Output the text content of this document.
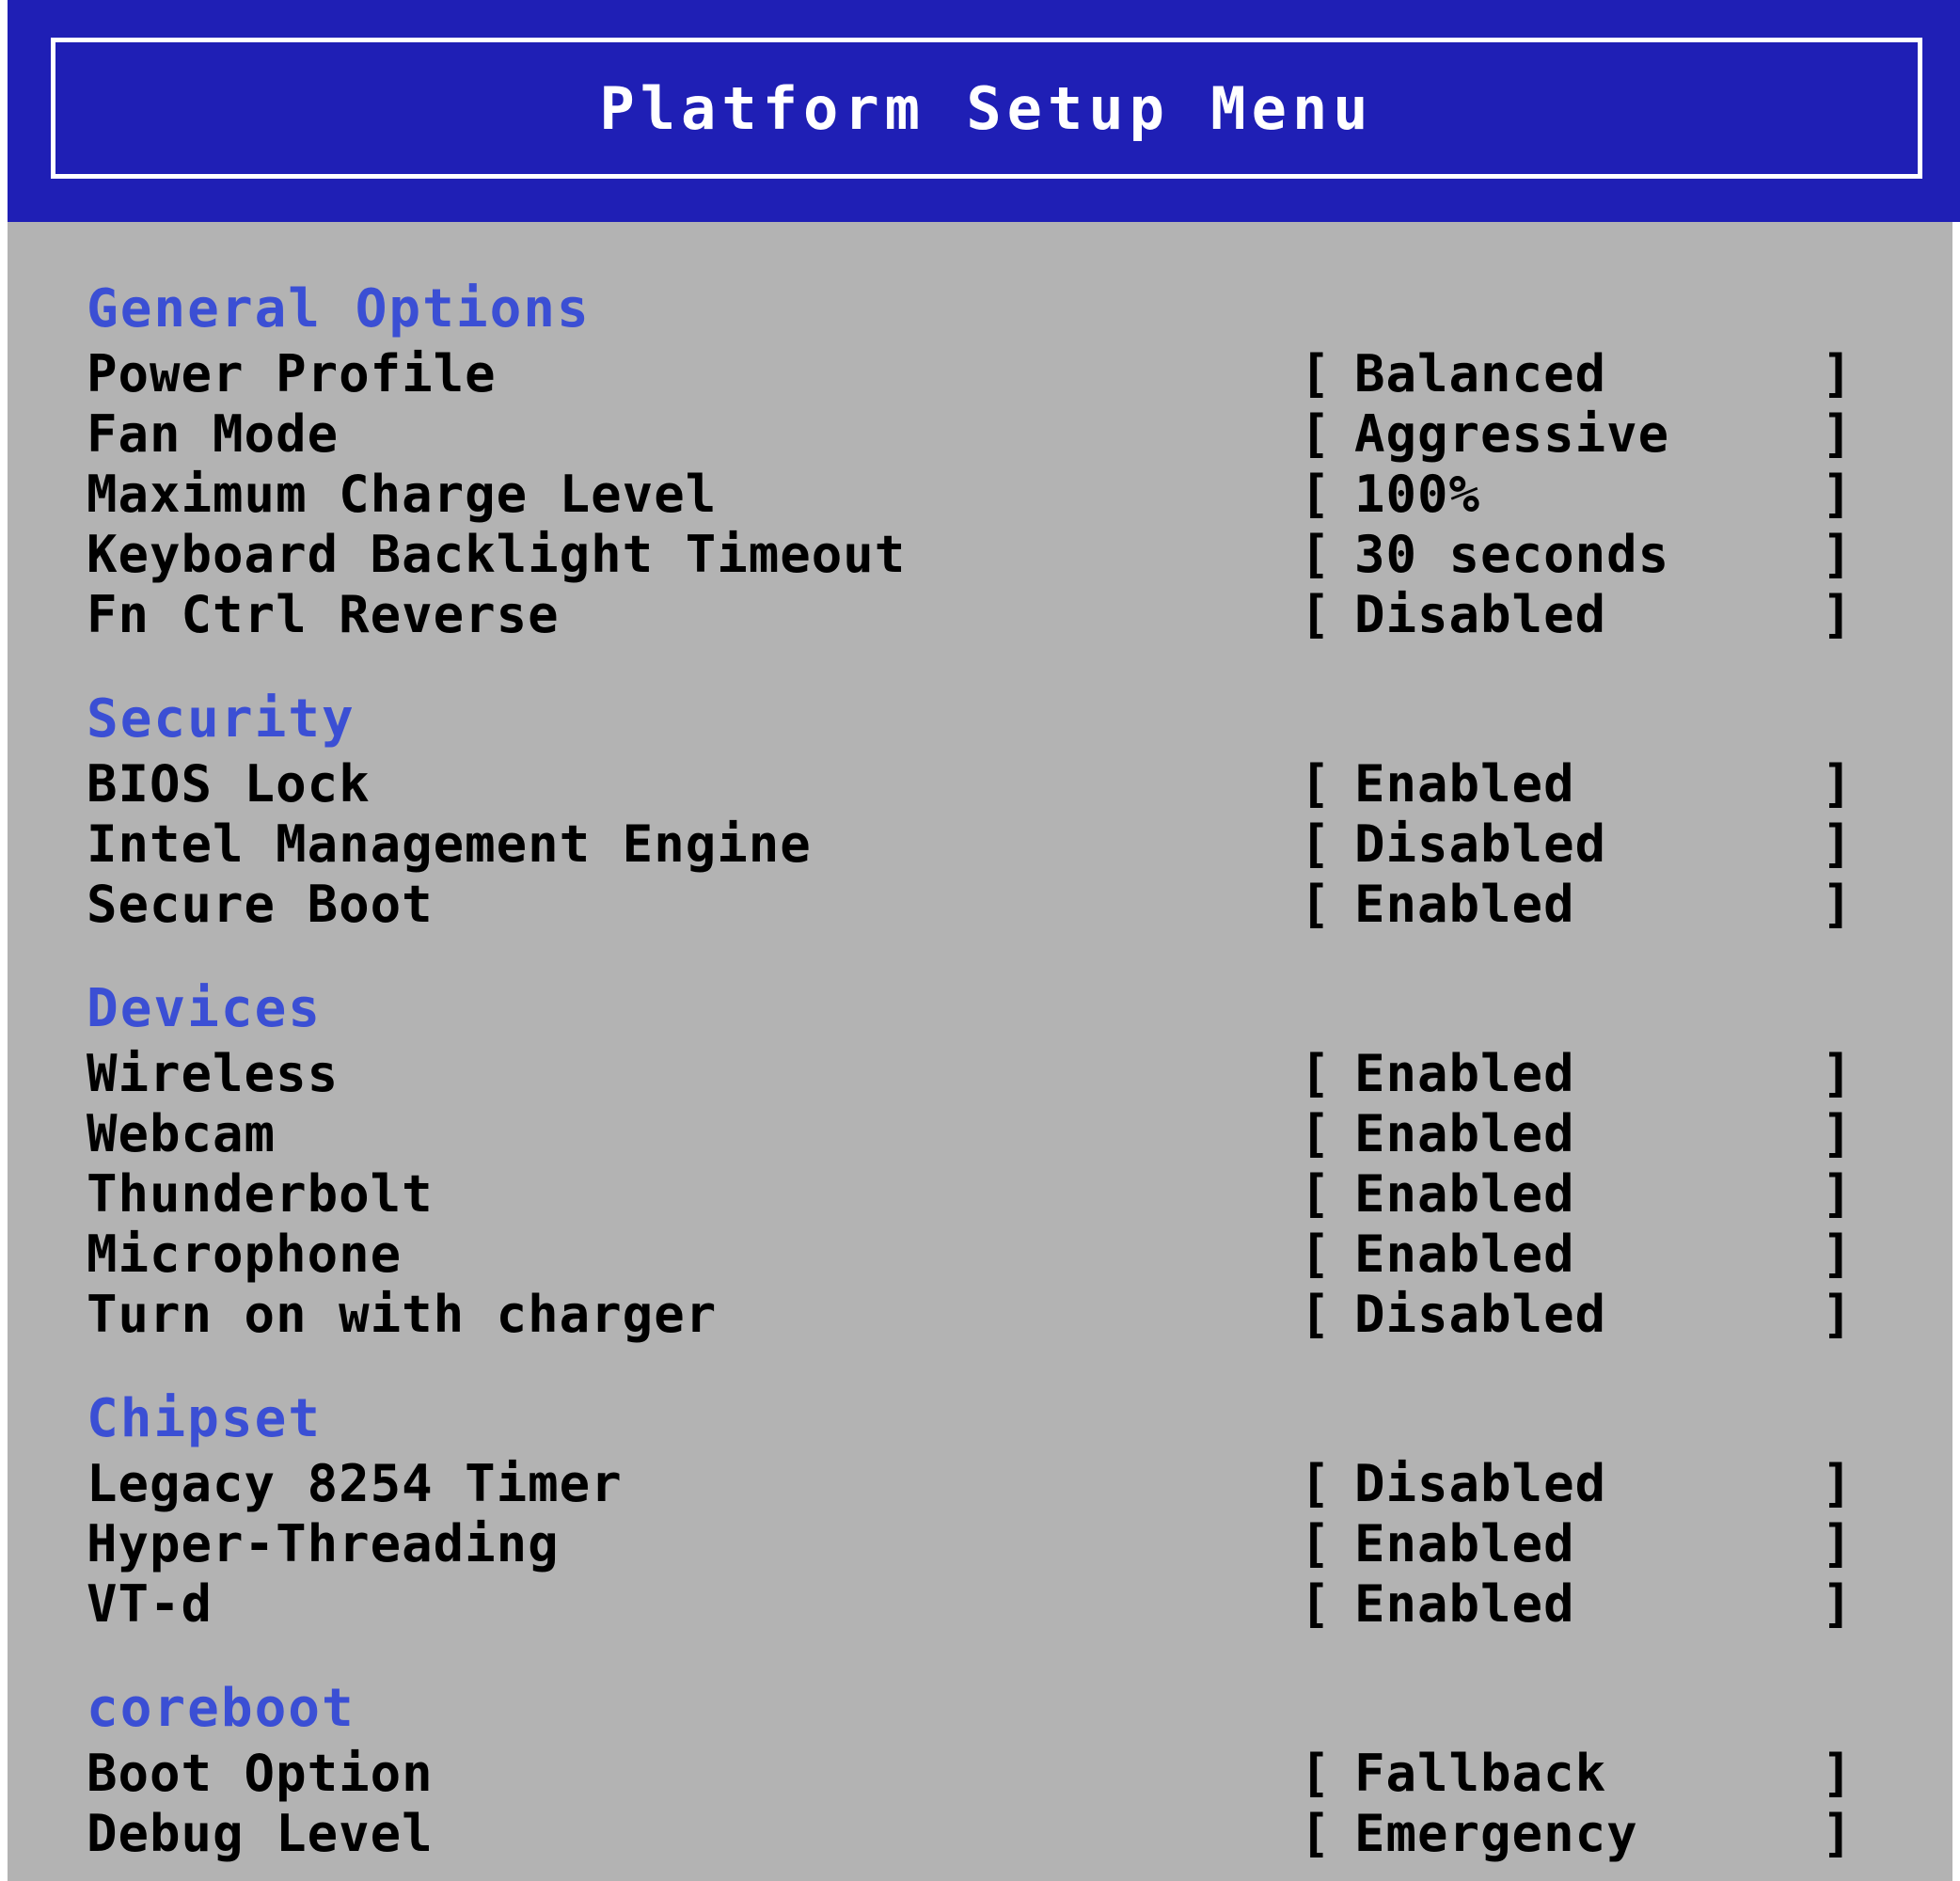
Platform Setup Menu
General Options
Power Profile	[ Balanced	]
Fan Mode	[ Aggressive	]
Maximum Charge Level	[ 100%	]
Keyboard Backlight Timeout	[ 30 seconds	]
Fn Ctrl Reverse	[ Disabled	]
Security
BIOS Lock	[ Enabled	]
Intel Management Engine	[ Disabled	]
Secure Boot	[ Enabled	]
Devices
Wireless	[ Enabled	]
Webcam	[ Enabled	]
Thunderbolt	[ Enabled	]
Microphone	[ Enabled	]
Turn on with charger	[ Disabled	]
Chipset
Legacy 8254 Timer	[ Disabled	]
Hyper-Threading	[ Enabled	]
VT-d	[ Enabled	]
coreboot
Boot Option	[ Fallback	]
Debug Level	[ Emergency	]
